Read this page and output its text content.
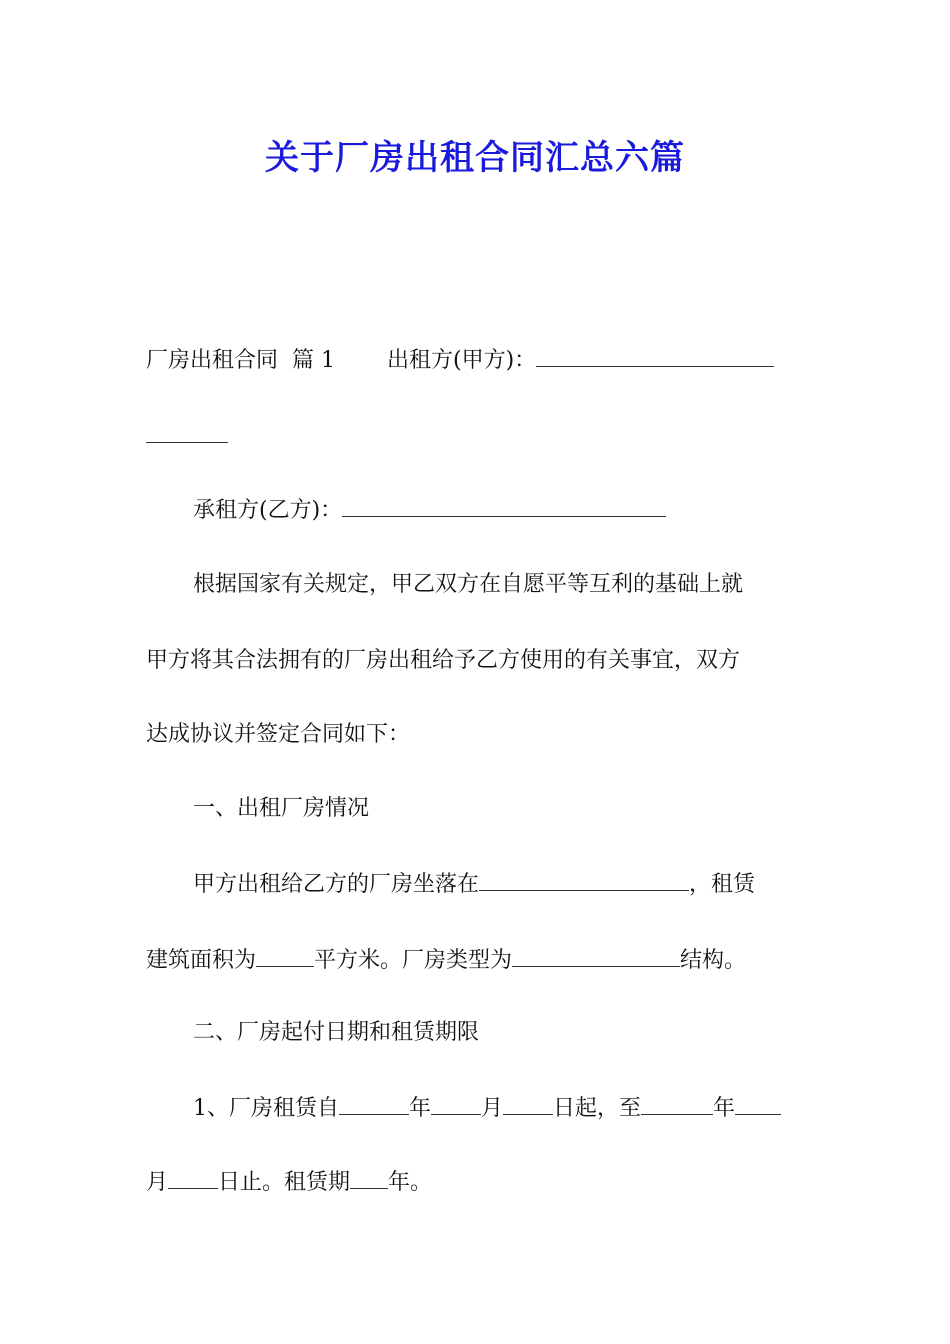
关于厂房出租合同汇总六篇
厂房出租合同 篇 1 出租方(甲方)：
承租方(乙方)：
根据国家有关规定，甲乙双方在自愿平等互利的基础上就
甲方将其合法拥有的厂房出租给予乙方使用的有关事宜，双方
达成协议并签定合同如下：
一、出租厂房情况
甲方出租给乙方的厂房坐落在	，租赁
建筑面积为	平方米。厂房类型为	结构。
二、厂房起付日期和租赁期限
1、厂房租赁自	年 月 日起，至	年
月 日止。租赁期 年。
